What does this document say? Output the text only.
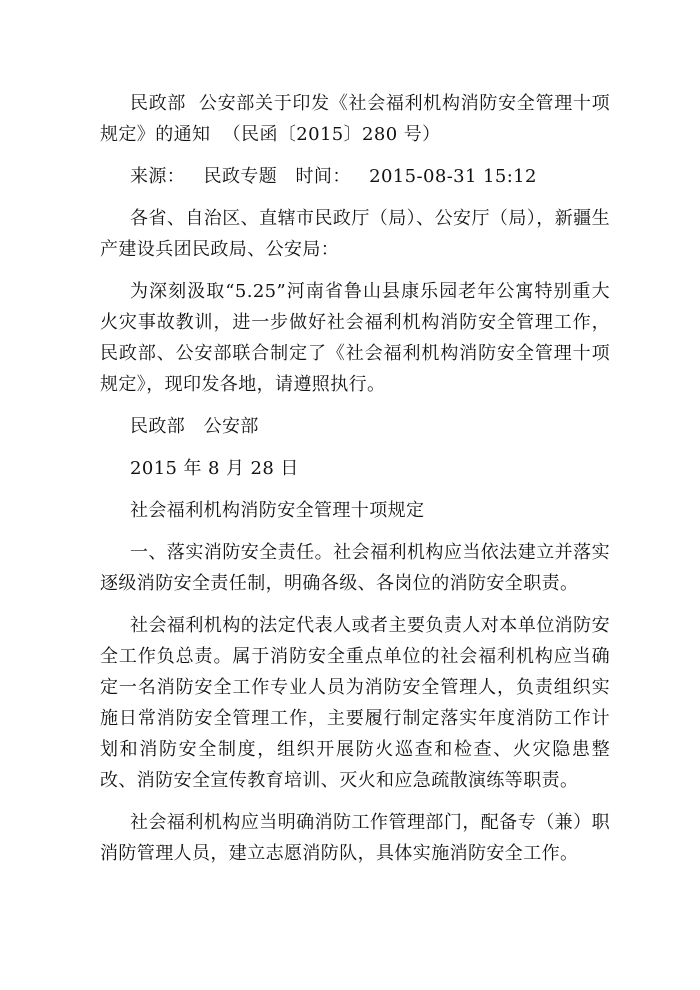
民政部  公安部关于印发《社会福利机构消防安全管理十项规定》的通知  （民函〔2015〕280 号）

来源：   民政专题   时间：   2015-08-31 15:12

各省、自治区、直辖市民政厅（局）、公安厅（局），新疆生产建设兵团民政局、公安局：

为深刻汲取“5.25”河南省鲁山县康乐园老年公寓特别重大火灾事故教训，进一步做好社会福利机构消防安全管理工作，民政部、公安部联合制定了《社会福利机构消防安全管理十项规定》，现印发各地，请遵照执行。

民政部   公安部

2015 年 8 月 28 日

社会福利机构消防安全管理十项规定

一、落实消防安全责任。社会福利机构应当依法建立并落实逐级消防安全责任制，明确各级、各岗位的消防安全职责。

社会福利机构的法定代表人或者主要负责人对本单位消防安全工作负总责。属于消防安全重点单位的社会福利机构应当确定一名消防安全工作专业人员为消防安全管理人，负责组织实施日常消防安全管理工作，主要履行制定落实年度消防工作计划和消防安全制度，组织开展防火巡查和检查、火灾隐患整改、消防安全宣传教育培训、灭火和应急疏散演练等职责。

社会福利机构应当明确消防工作管理部门，配备专（兼）职消防管理人员，建立志愿消防队，具体实施消防安全工作。
